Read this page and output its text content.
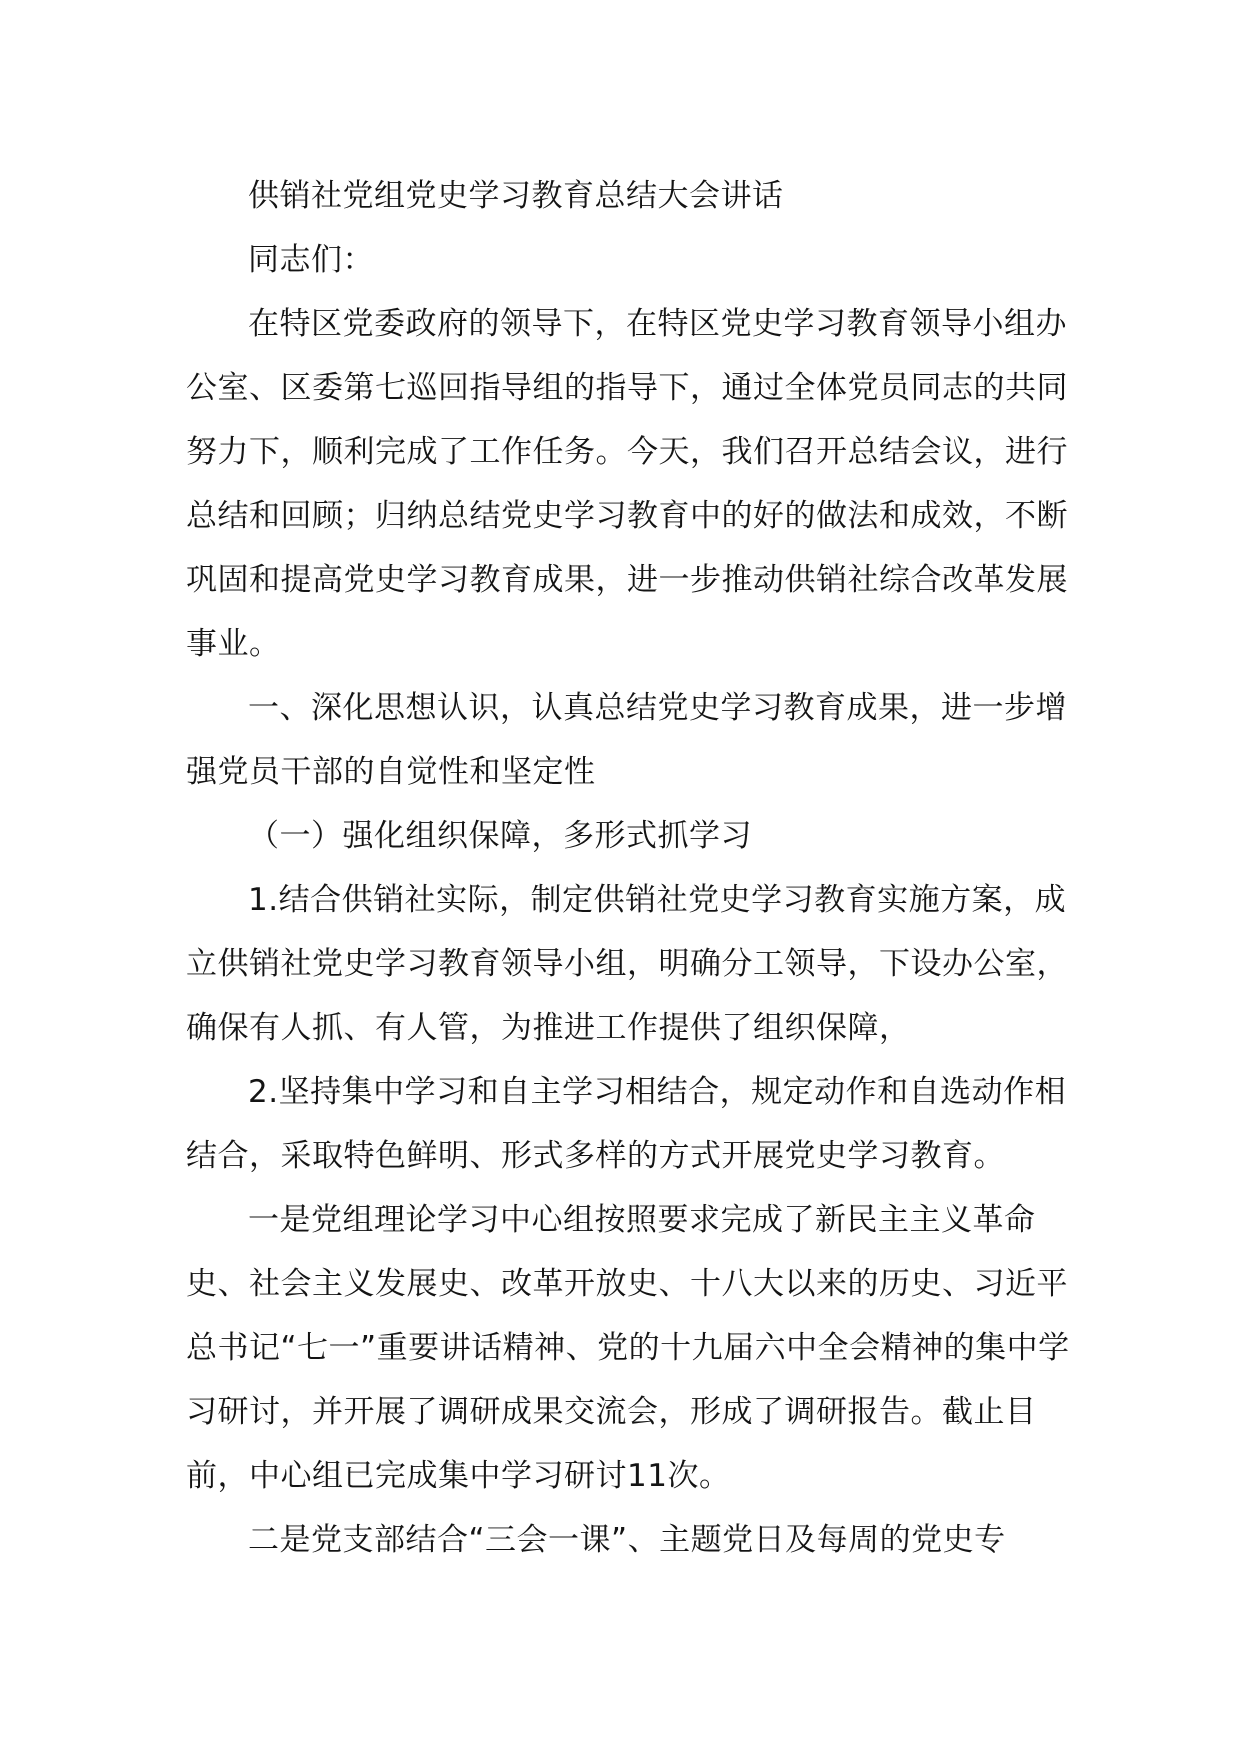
供销社党组党史学习教育总结大会讲话

同志们：

在特区党委政府的领导下，在特区党史学习教育领导小组办公室、区委第七巡回指导组的指导下，通过全体党员同志的共同努力下，顺利完成了工作任务。今天，我们召开总结会议，进行总结和回顾；归纳总结党史学习教育中的好的做法和成效，不断巩固和提高党史学习教育成果，进一步推动供销社综合改革发展事业。

一、深化思想认识，认真总结党史学习教育成果，进一步增强党员干部的自觉性和坚定性

（一）强化组织保障，多形式抓学习

1.结合供销社实际，制定供销社党史学习教育实施方案，成立供销社党史学习教育领导小组，明确分工领导，下设办公室，确保有人抓、有人管，为推进工作提供了组织保障，

2.坚持集中学习和自主学习相结合，规定动作和自选动作相结合，采取特色鲜明、形式多样的方式开展党史学习教育。

一是党组理论学习中心组按照要求完成了新民主主义革命史、社会主义发展史、改革开放史、十八大以来的历史、习近平总书记“七一”重要讲话精神、党的十九届六中全会精神的集中学习研讨，并开展了调研成果交流会，形成了调研报告。截止目前，中心组已完成集中学习研讨11次。

二是党支部结合“三会一课”、主题党日及每周的党史专
